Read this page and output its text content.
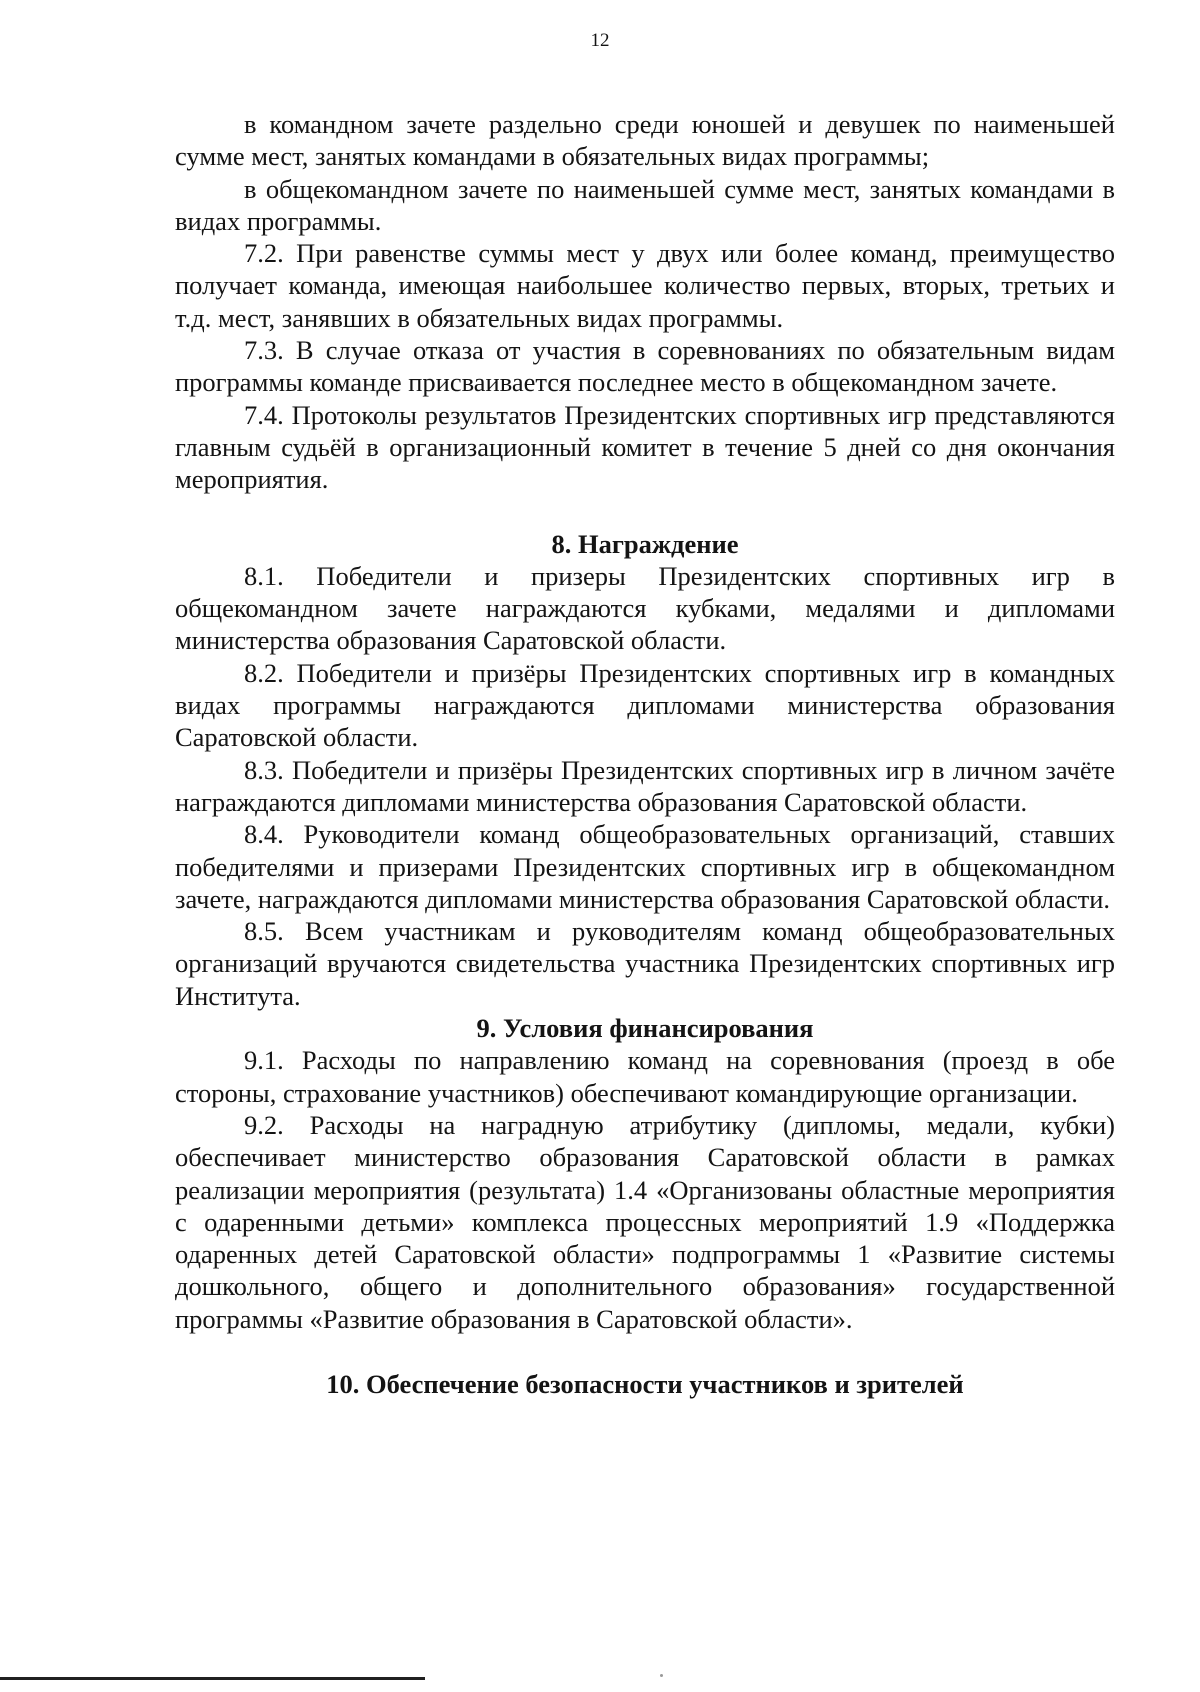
12

в командном зачете раздельно среди юношей и девушек по наименьшей сумме мест, занятых командами в обязательных видах программы;

в общекомандном зачете по наименьшей сумме мест, занятых командами в видах программы.

7.2. При равенстве суммы мест у двух или более команд, преимущество получает команда, имеющая наибольшее количество первых, вторых, третьих и т.д. мест, занявших в обязательных видах программы.

7.3. В случае отказа от участия в соревнованиях по обязательным видам программы команде присваивается последнее место в общекомандном зачете.

7.4. Протоколы результатов Президентских спортивных игр представляются главным судьёй в организационный комитет в течение 5 дней со дня окончания мероприятия.

8. Награждение

8.1. Победители и призеры Президентских спортивных игр в общекомандном зачете награждаются кубками, медалями и дипломами министерства образования Саратовской области.

8.2. Победители и призёры Президентских спортивных игр в командных видах программы награждаются дипломами министерства образования Саратовской области.

8.3. Победители и призёры Президентских спортивных игр в личном зачёте награждаются дипломами министерства образования Саратовской области.

8.4. Руководители команд общеобразовательных организаций, ставших победителями и призерами Президентских спортивных игр в общекомандном зачете, награждаются дипломами министерства образования Саратовской области.

8.5. Всем участникам и руководителям команд общеобразовательных организаций вручаются свидетельства участника Президентских спортивных игр Института.

9. Условия финансирования

9.1. Расходы по направлению команд на соревнования (проезд в обе стороны, страхование участников) обеспечивают командирующие организации.

9.2. Расходы на наградную атрибутику (дипломы, медали, кубки) обеспечивает министерство образования Саратовской области в рамках реализации мероприятия (результата) 1.4 «Организованы областные мероприятия с одаренными детьми» комплекса процессных мероприятий 1.9 «Поддержка одаренных детей Саратовской области» подпрограммы 1 «Развитие системы дошкольного, общего и дополнительного образования» государственной программы «Развитие образования в Саратовской области».

10. Обеспечение безопасности участников и зрителей
